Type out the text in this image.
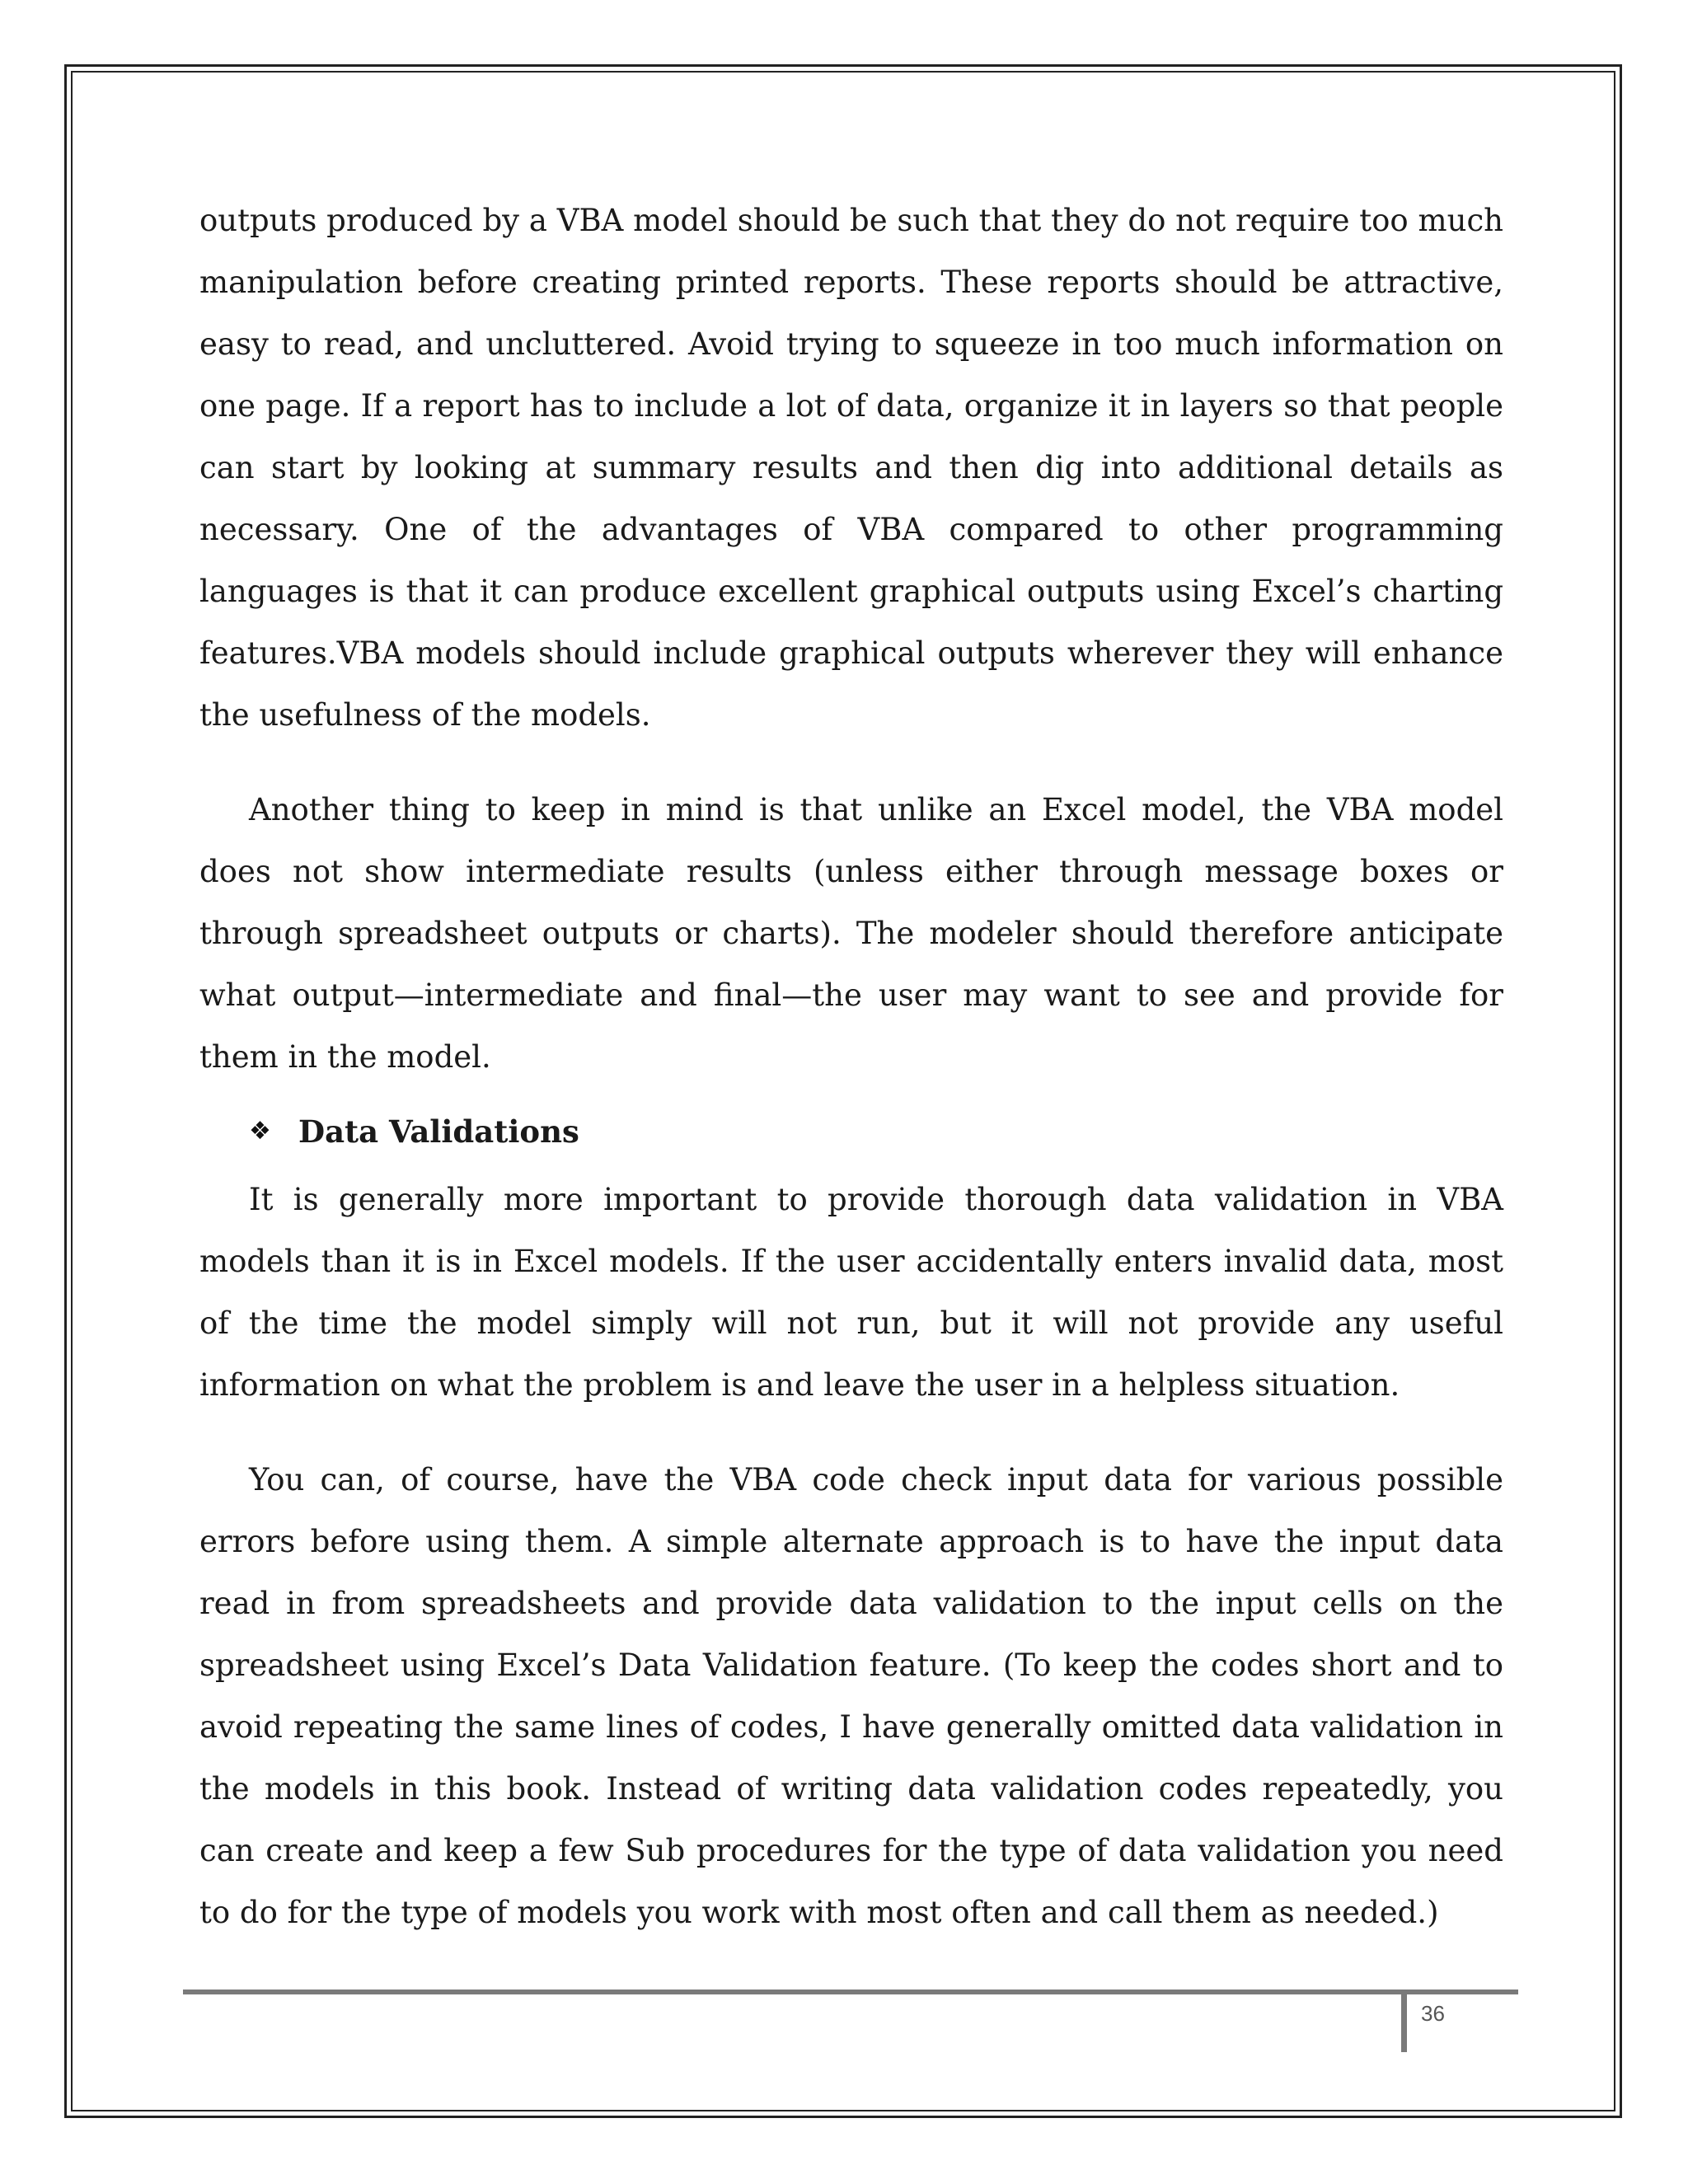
outputs produced by a VBA model should be such that they do not require too much manipulation before creating printed reports. These reports should be attractive, easy to read, and uncluttered. Avoid trying to squeeze in too much information on one page. If a report has to include a lot of data, organize it in layers so that people can start by looking at summary results and then dig into additional details as necessary. One of the advantages of VBA compared to other programming languages is that it can produce excellent graphical outputs using Excel’s charting features.VBA models should include graphical outputs wherever they will enhance the usefulness of the models.

Another thing to keep in mind is that unlike an Excel model, the VBA model does not show intermediate results (unless either through message boxes or through spreadsheet outputs or charts). The modeler should therefore anticipate what output—intermediate and final—the user may want to see and provide for them in the model.

❖ Data Validations

It is generally more important to provide thorough data validation in VBA models than it is in Excel models. If the user accidentally enters invalid data, most of the time the model simply will not run, but it will not provide any useful information on what the problem is and leave the user in a helpless situation.

You can, of course, have the VBA code check input data for various possible errors before using them. A simple alternate approach is to have the input data read in from spreadsheets and provide data validation to the input cells on the spreadsheet using Excel’s Data Validation feature. (To keep the codes short and to avoid repeating the same lines of codes, I have generally omitted data validation in the models in this book. Instead of writing data validation codes repeatedly, you can create and keep a few Sub procedures for the type of data validation you need to do for the type of models you work with most often and call them as needed.)

36
